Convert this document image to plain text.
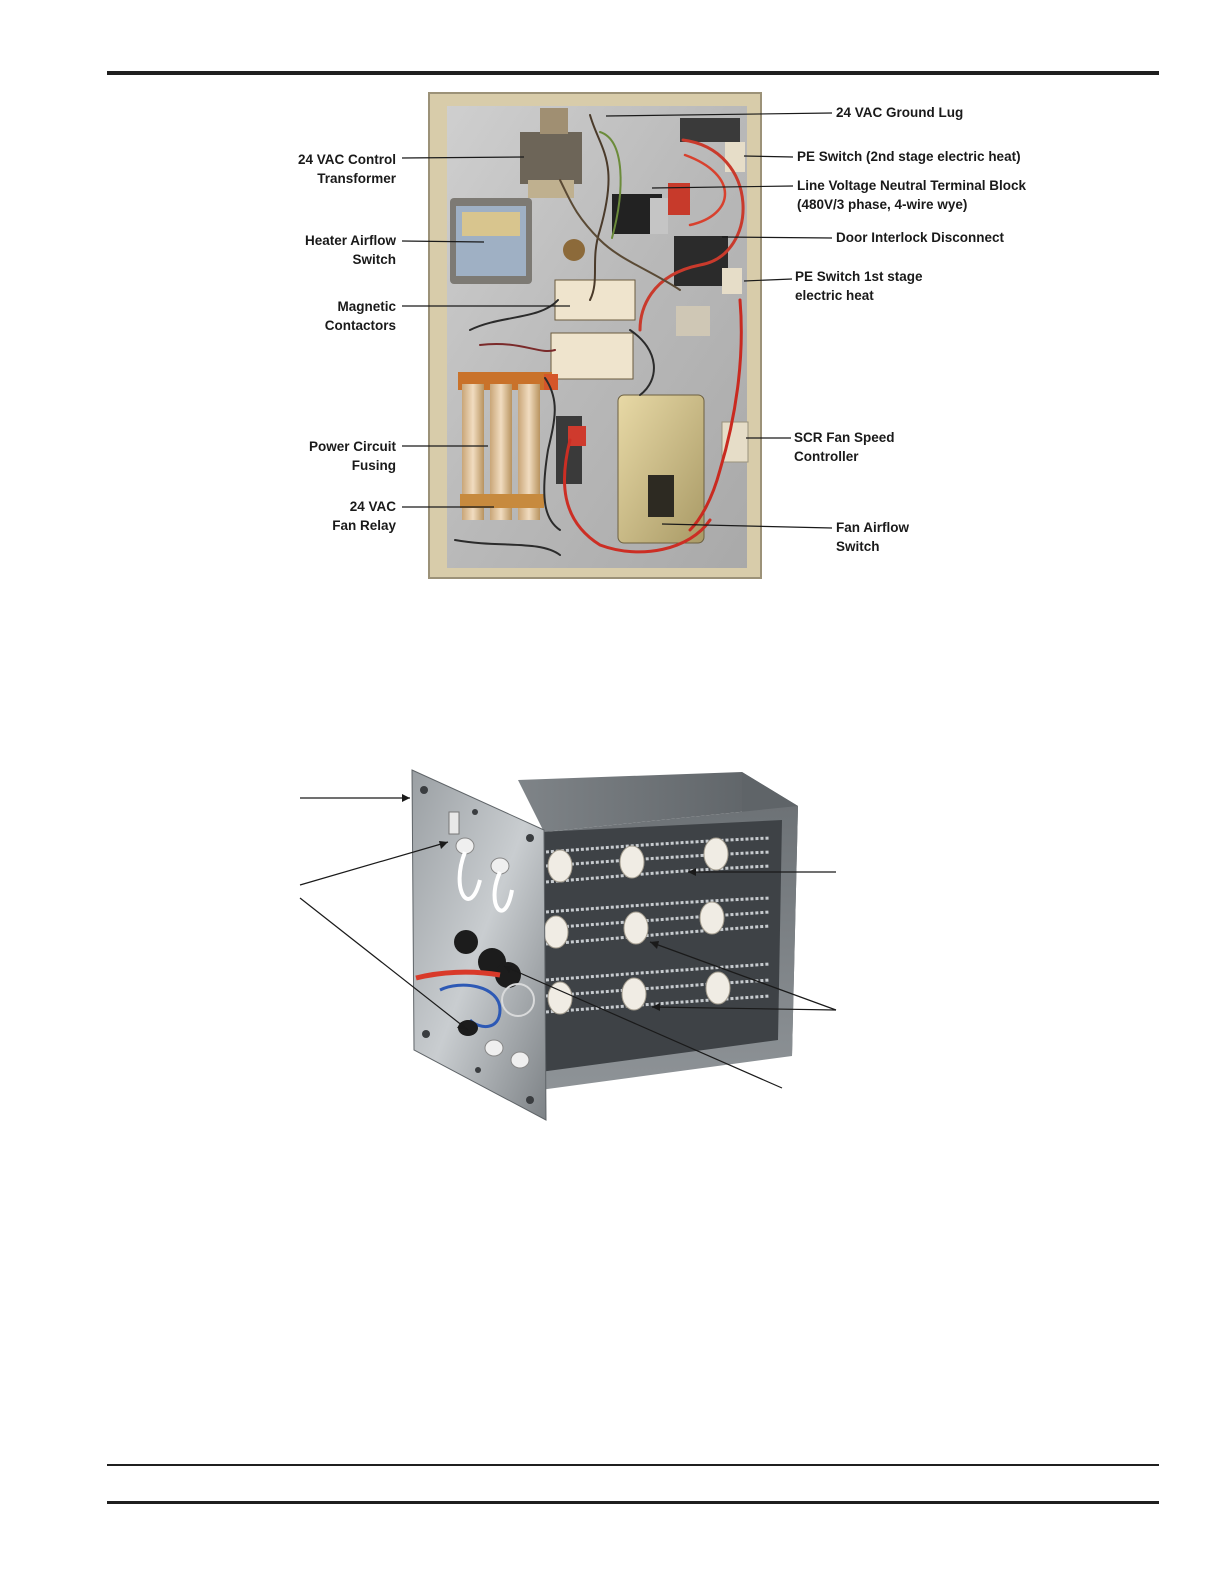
24 VAC Ground Lug
24 VAC Control
Transformer
PE Switch (2nd stage electric heat)
Line Voltage Neutral Terminal Block
(480V/3 phase, 4-wire wye)
Heater Airflow
Switch
Door Interlock Disconnect
PE Switch 1st stage
electric heat
Magnetic
Contactors
Power Circuit
Fusing
SCR Fan Speed
Controller
24 VAC
Fan Relay	Fan Airflow
Switch
